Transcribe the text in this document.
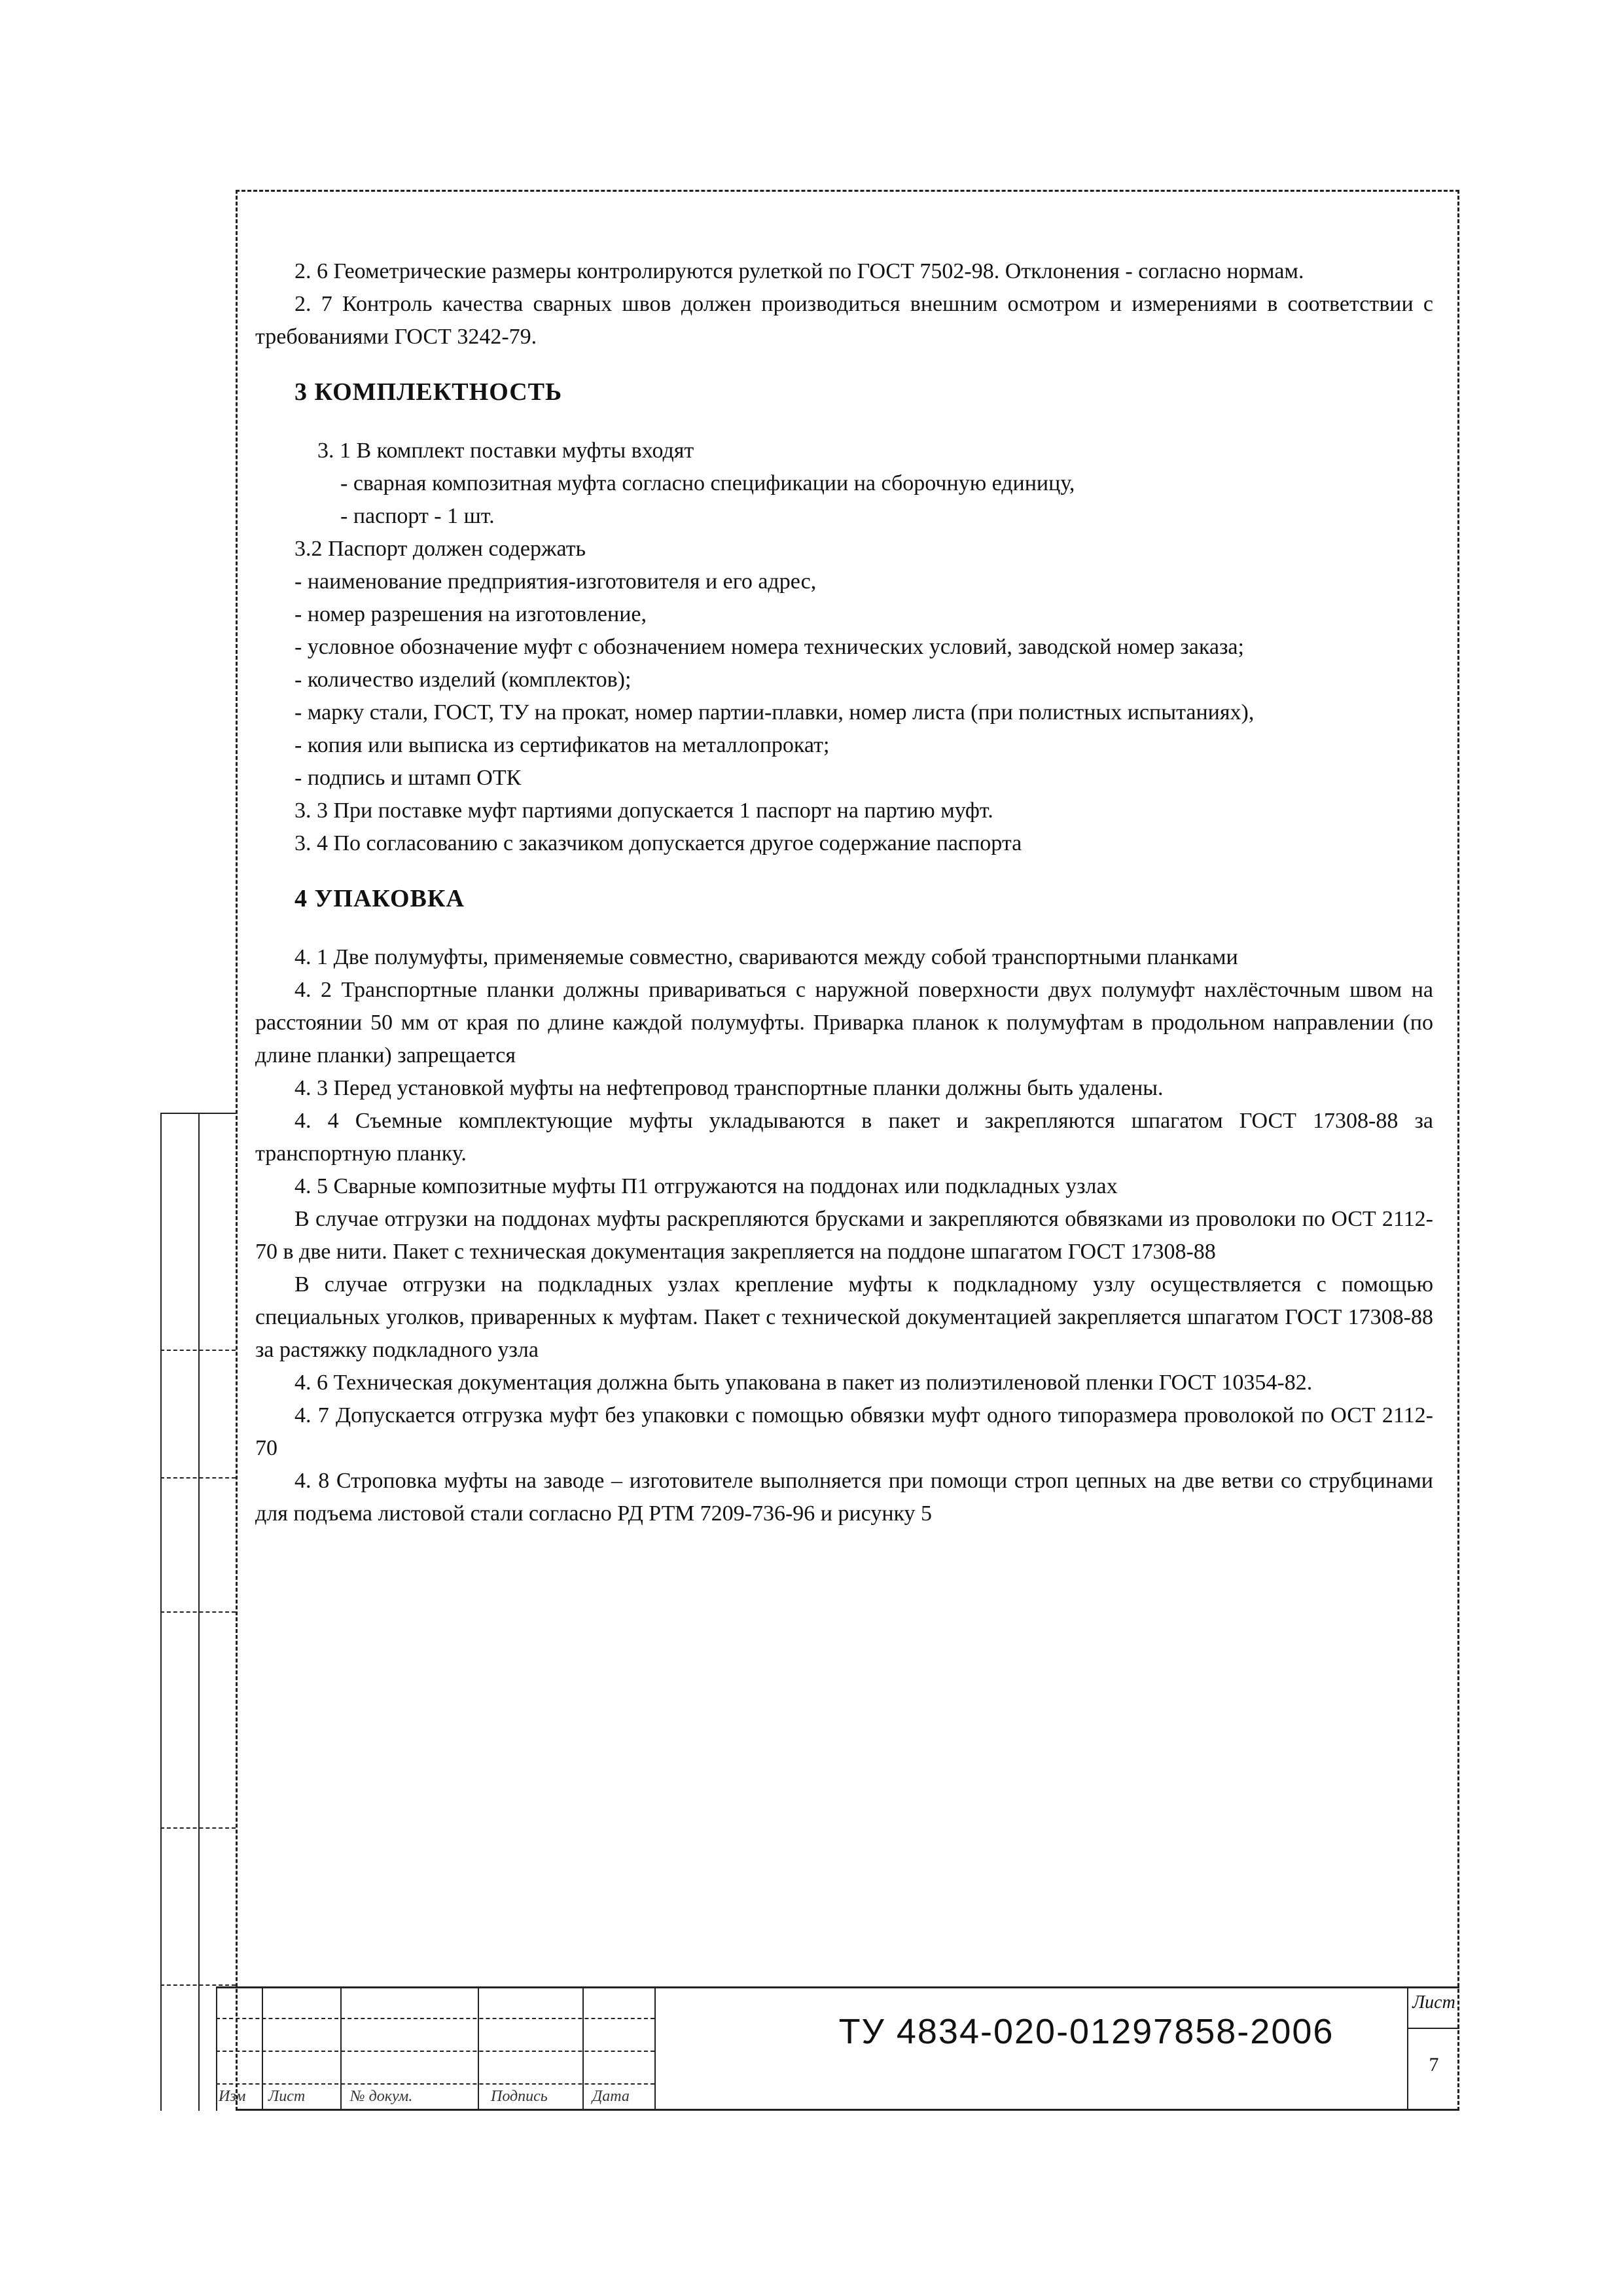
2. 6 Геометрические размеры контролируются рулеткой по ГОСТ 7502-98. Отклонения - согласно нормам.

2. 7 Контроль качества сварных швов должен производиться внешним осмотром и измерениями в соответствии с требованиями ГОСТ 3242-79.

3 КОМПЛЕКТНОСТЬ

3. 1 В комплект поставки муфты входят

- сварная композитная муфта согласно спецификации на сборочную единицу,

- паспорт - 1 шт.

3.2 Паспорт должен содержать

- наименование предприятия-изготовителя и его адрес,

- номер разрешения на изготовление,

- условное обозначение муфт с обозначением номера технических условий, заводской номер заказа;

- количество изделий (комплектов);

- марку стали, ГОСТ, ТУ на прокат, номер партии-плавки, номер листа (при полистных испытаниях),

- копия или выписка из сертификатов на металлопрокат;

- подпись и штамп ОТК

3. 3 При поставке муфт партиями допускается 1 паспорт на партию муфт.

3. 4 По согласованию с заказчиком допускается другое содержание паспорта

4 УПАКОВКА

4. 1 Две полумуфты, применяемые совместно, свариваются между собой транспортными планками

4. 2 Транспортные планки должны привариваться с наружной поверхности двух полумуфт нахлёсточным швом на расстоянии 50 мм от края по длине каждой полумуфты. Приварка планок к полумуфтам в продольном направлении (по длине планки) запрещается

4. 3 Перед установкой муфты на нефтепровод транспортные планки должны быть удалены.

4. 4 Съемные комплектующие муфты укладываются в пакет и закрепляются шпагатом ГОСТ 17308-88 за транспортную планку.

4. 5 Сварные композитные муфты П1 отгружаются на поддонах или подкладных узлах

В случае отгрузки на поддонах муфты раскрепляются брусками и закрепляются обвязками из проволоки по ОСТ 2112-70 в две нити. Пакет с техническая документация закрепляется на поддоне шпагатом ГОСТ 17308-88

В случае отгрузки на подкладных узлах крепление муфты к подкладному узлу осуществляется с помощью специальных уголков, приваренных к муфтам. Пакет с технической документацией закрепляется шпагатом ГОСТ 17308-88 за растяжку подкладного узла

4. 6 Техническая документация должна быть упакована в пакет из полиэтиленовой пленки ГОСТ 10354-82.

4. 7 Допускается отгрузка муфт без упаковки с помощью обвязки муфт одного типоразмера проволокой по ОСТ 2112-70

4. 8 Строповка муфты на заводе – изготовителе выполняется при помощи строп цепных на две ветви со струбцинами для подъема листовой стали согласно РД РТМ 7209-736-96 и рисунку 5

Изм Лист	№ докум.	Подпись	Дата
ТУ 4834-020-01297858-2006
Лист
7
